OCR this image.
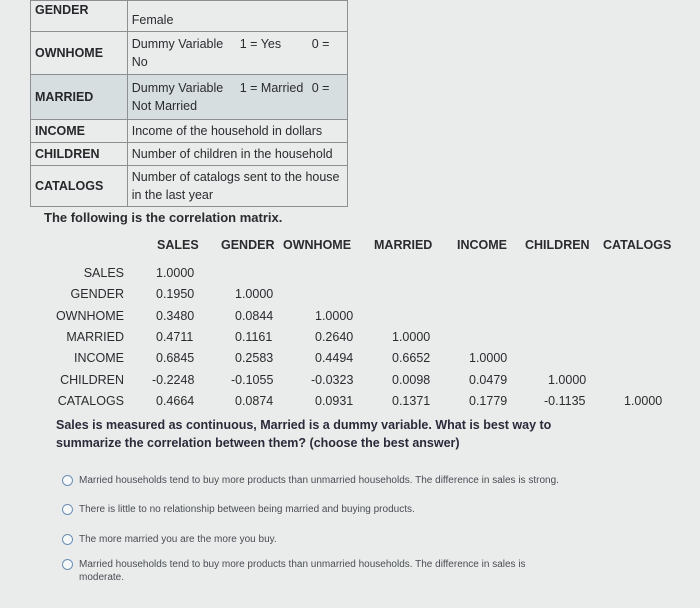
GENDER	Female
OWNHOME	Dummy Variable 1 = Yes 0 =
No

MARRIED	Dummy Variable 1 = Married 0 =
Not Married

INCOME	Income of the household in dollars
CHILDREN	Number of children in the household
CATALOGS	Number of catalogs sent to the house in the last year
The following is the correlation matrix.
SALES GENDER OWNHOME MARRIED INCOME CHILDREN CATALOGS
SALES	1.0000
GENDER	0.1950	1.0000
OWNHOME	0.3480	0.0844	1.0000
MARRIED	0.4711	0.1161	0.2640	1.0000
INCOME	0.6845	0.2583	0.4494	0.6652	1.0000
CHILDREN -0.2248	-0.1055	-0.0323	0.0098	0.0479	1.0000
CATALOGS	0.4664	0.0874	0.0931	0.1371	0.1779	-0.1135	1.0000
Sales is measured as continuous, Married is a dummy variable. What is best way to summarize the correlation between them? (choose the best answer)
Married households tend to buy more products than unmarried households. The difference in sales is strong.
There is little to no relationship between being married and buying products.
The more married you are the more you buy.
Married households tend to buy more products than unmarried households. The difference in sales is moderate.
